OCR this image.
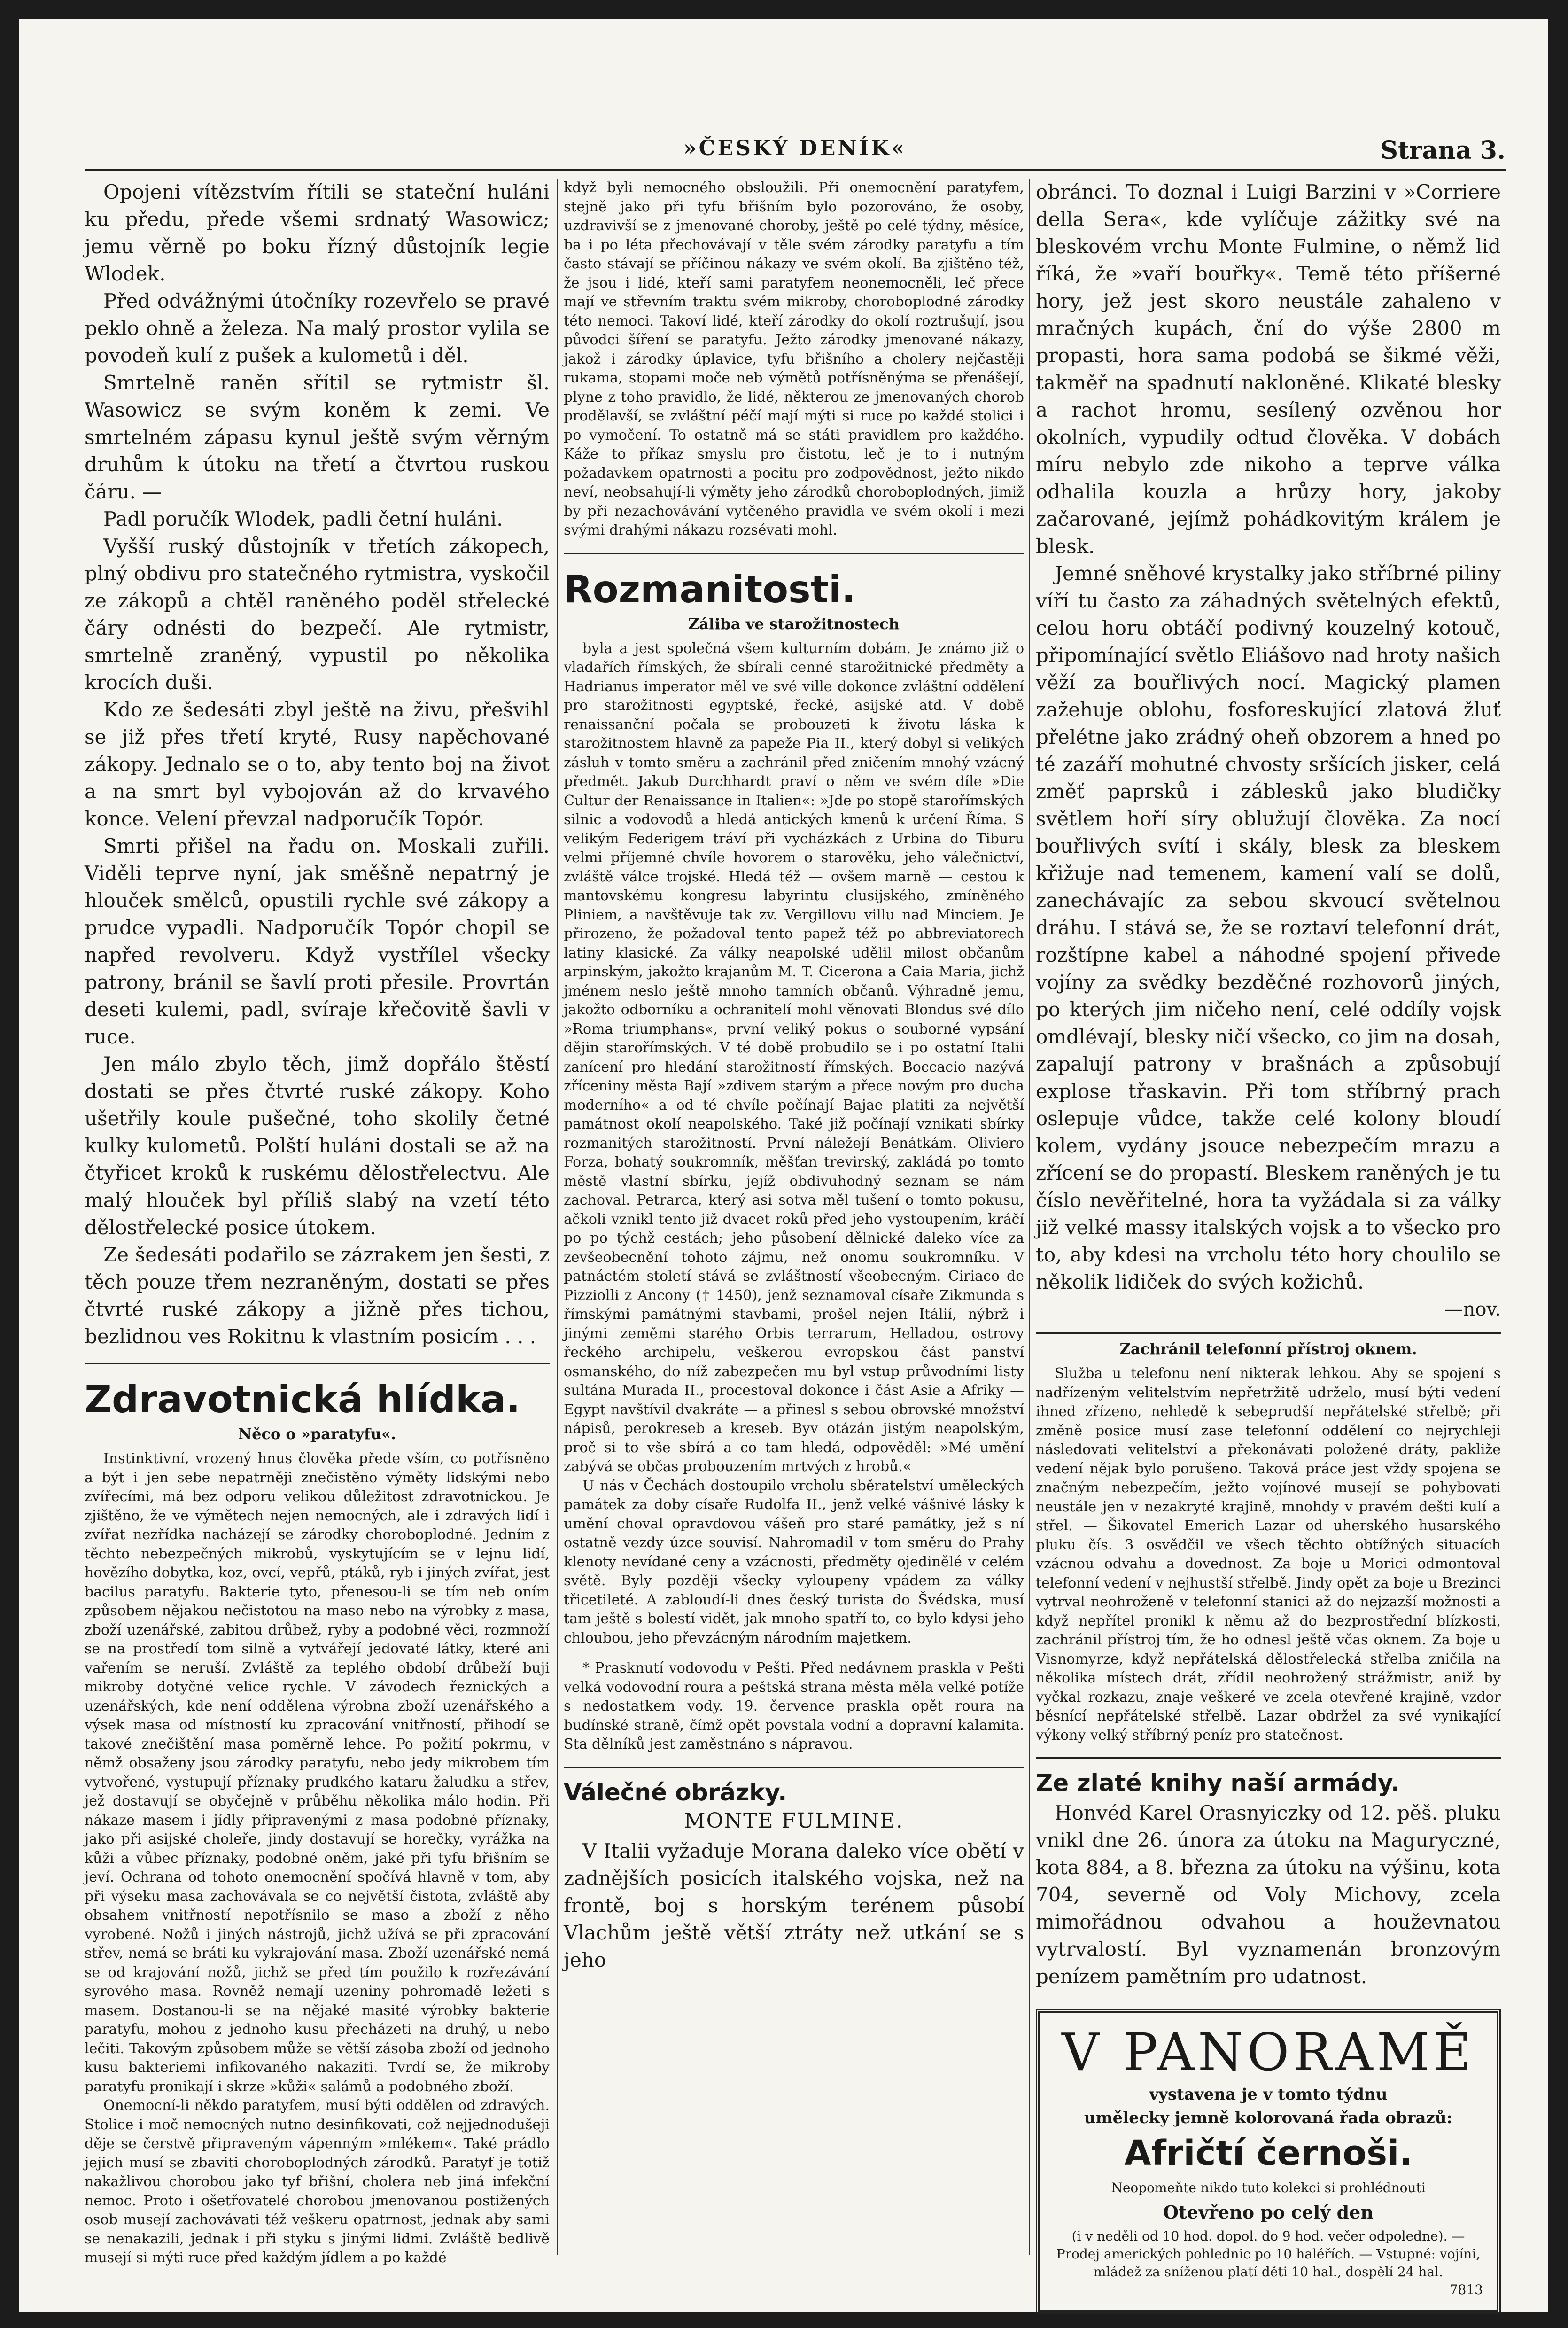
»ČESKÝ DENÍK«	Strana 3.

Opojeni vítězstvím řítili se stateční huláni ku předu, přede všemi srdnatý Wasowicz; jemu věrně po boku řízný důstojník legie Wlodek.

Před odvážnými útočníky rozevřelo se pravé peklo ohně a železa. Na malý prostor vylila se povodeň kulí z pušek a kulometů i děl.

Smrtelně raněn sřítil se rytmistr šl. Wasowicz se svým koněm k zemi. Ve smrtelném zápasu kynul ještě svým věrným druhům k útoku na třetí a čtvrtou ruskou čáru. —

Padl poručík Wlodek, padli četní huláni.

Vyšší ruský důstojník v třetích zákopech, plný obdivu pro statečného rytmistra, vyskočil ze zákopů a chtěl raněného poděl střelecké čáry odnésti do bezpečí. Ale rytmistr, smrtelně zraněný, vypustil po několika krocích duši.

Kdo ze šedesáti zbyl ještě na živu, přešvihl se již přes třetí kryté, Rusy napěchované zákopy. Jednalo se o to, aby tento boj na život a na smrt byl vybojován až do krvavého konce. Velení převzal nadporučík Topór.

Smrti přišel na řadu on. Moskali zuřili. Viděli teprve nyní, jak směšně nepatrný je hlouček smělců, opustili rychle své zákopy a prudce vypadli. Nadporučík Topór chopil se napřed revolveru. Když vystřílel všecky patrony, bránil se šavlí proti přesile. Provrtán deseti kulemi, padl, svíraje křečovitě šavli v ruce.

Jen málo zbylo těch, jimž dopřálo štěstí dostati se přes čtvrté ruské zákopy. Koho ušetřily koule pušečné, toho skolily četné kulky kulometů. Polští huláni dostali se až na čtyřicet kroků k ruskému dělostřelectvu. Ale malý hlouček byl příliš slabý na vzetí této dělostřelecké posice útokem.

Ze šedesáti podařilo se zázrakem jen šesti, z těch pouze třem nezraněným, dostati se přes čtvrté ruské zákopy a jižně přes tichou, bezlidnou ves Rokitnu k vlastním posicím . . .

Zdravotnická hlídka.
Něco o »paratyfu«.

Instinktivní, vrozený hnus člověka přede vším, co potřísněno a být i jen sebe nepatrněji znečistěno výměty lidskými nebo zvířecími, má bez odporu velikou důležitost zdravotnickou. Je zjištěno, že ve výmětech nejen nemocných, ale i zdravých lidí i zvířat nezřídka nacházejí se zárodky choroboplodné. Jedním z těchto nebezpečných mikrobů, vyskytujícím se v lejnu lidí, hovězího dobytka, koz, ovcí, vepřů, ptáků, ryb i jiných zvířat, jest bacilus paratyfu. Bakterie tyto, přenesou-li se tím neb oním způsobem nějakou nečistotou na maso nebo na výrobky z masa, zboží uzenářské, zabitou drůbež, ryby a podobné věci, rozmnoží se na prostředí tom silně a vytvářejí jedovaté látky, které ani vařením se neruší. Zvláště za teplého období drůbeží buji mikroby dotyčné velice rychle. V závodech řeznických a uzenářských, kde není oddělena výrobna zboží uzenářského a výsek masa od místností ku zpracování vnitřností, přihodí se takové znečištění masa poměrně lehce. Po požití pokrmu, v němž obsaženy jsou zárodky paratyfu, nebo jedy mikrobem tím vytvořené, vystupují příznaky prudkého kataru žaludku a střev, jež dostavují se obyčejně v průběhu několika málo hodin. Při nákaze masem i jídly připravenými z masa podobné příznaky, jako při asijské choleře, jindy dostavují se horečky, vyrážka na kůži a vůbec příznaky, podobné oněm, jaké při tyfu břišním se jeví. Ochrana od tohoto onemocnění spočívá hlavně v tom, aby při výseku masa zachovávala se co největší čistota, zvláště aby obsahem vnitřností nepotřísnilo se maso a zboží z něho vyrobené. Nožů i jiných nástrojů, jichž užívá se při zpracování střev, nemá se bráti ku vykrajování masa. Zboží uzenářské nemá se od krajování nožů, jichž se před tím použilo k rozřezávání syrového masa. Rovněž nemají uzeniny pohromadě ležeti s masem. Dostanou-li se na nějaké masité výrobky bakterie paratyfu, mohou z jednoho kusu přecházeti na druhý, u nebo lečiti. Takovým způsobem může se větší zásoba zboží od jednoho kusu bakteriemi infikovaného nakaziti. Tvrdí se, že mikroby paratyfu pronikají i skrze »kůži« salámů a podobného zboží.

Onemocní-li někdo paratyfem, musí býti oddělen od zdravých. Stolice i moč nemocných nutno desinfikovati, což nejjednodušeji děje se čerstvě připraveným vápenným »mlékem«. Také prádlo jejich musí se zbaviti choroboplodných zárodků. Paratyf je totiž nakažlivou chorobou jako tyf břišní, cholera neb jiná infekční nemoc. Proto i ošetřovatelé chorobou jmenovanou postižených osob musejí zachovávati též veškeru opatrnost, jednak aby sami se nenakazili, jednak i při styku s jinými lidmi. Zvláště bedlivě musejí si mýti ruce před každým jídlem a po každé

když byli nemocného obsloužili. Při onemocnění paratyfem, stejně jako při tyfu břišním bylo pozorováno, že osoby, uzdravivší se z jmenované choroby, ještě po celé týdny, měsíce, ba i po léta přechovávají v těle svém zárodky paratyfu a tím často stávají se příčinou nákazy ve svém okolí. Ba zjištěno též, že jsou i lidé, kteří sami paratyfem neonemocněli, leč přece mají ve střevním traktu svém mikroby, choroboplodné zárodky této nemoci. Takoví lidé, kteří zárodky do okolí roztrušují, jsou původci šíření se paratyfu. Ježto zárodky jmenované nákazy, jakož i zárodky úplavice, tyfu břišního a cholery nejčastěji rukama, stopami moče neb výmětů potřísněnýma se přenášejí, plyne z toho pravidlo, že lidé, některou ze jmenovaných chorob prodělavší, se zvláštní péčí mají mýti si ruce po každé stolici i po vymočení. To ostatně má se státi pravidlem pro každého. Káže to příkaz smyslu pro čistotu, leč je to i nutným požadavkem opatrnosti a pocitu pro zodpovědnost, ježto nikdo neví, neobsahují-li výměty jeho zárodků choroboplodných, jimiž by při nezachovávání vytčeného pravidla ve svém okolí i mezi svými drahými nákazu rozsévati mohl.

Rozmanitosti.
Záliba ve starožitnostech

byla a jest společná všem kulturním dobám. Je známo již o vladařích římských, že sbírali cenné starožitnické předměty a Hadrianus imperator měl ve své ville dokonce zvláštní oddělení pro starožitnosti egyptské, řecké, asijské atd. V době renaissanční počala se probouzeti k životu láska k starožitnostem hlavně za papeže Pia II., který dobyl si velikých zásluh v tomto směru a zachránil před zničením mnohý vzácný předmět. Jakub Durchhardt praví o něm ve svém díle »Die Cultur der Renaissance in Italien«: »Jde po stopě starořímských silnic a vodovodů a hledá antických kmenů k určení Říma. S velikým Federigem tráví při vycházkách z Urbina do Tiburu velmi příjemné chvíle hovorem o starověku, jeho válečnictví, zvláště válce trojské. Hledá též — ovšem marně — cestou k mantovskému kongresu labyrintu clusijského, zmíněného Pliniem, a navštěvuje tak zv. Vergillovu villu nad Minciem. Je přirozeno, že požadoval tento papež též po abbreviatorech latiny klasické. Za války neapolské udělil milost občanům arpinským, jakožto krajanům M. T. Cicerona a Caia Maria, jichž jménem neslo ještě mnoho tamních občanů. Výhradně jemu, jakožto odborníku a ochranitelí mohl věnovati Blondus své dílo »Roma triumphans«, první veliký pokus o souborné vypsání dějin starořímských. V té době probudilo se i po ostatní Italii zanícení pro hledání starožitností římských. Boccacio nazývá zříceniny města Bají »zdivem starým a přece novým pro ducha moderního« a od té chvíle počínají Bajae platiti za největší památnost okolí neapolského. Také již počínají vznikati sbírky rozmanitých starožitností. První náležejí Benátkám. Oliviero Forza, bohatý soukromník, měšťan trevirský, zakládá po tomto městě vlastní sbírku, jejíž obdivuhodný seznam se nám zachoval. Petrarca, který asi sotva měl tušení o tomto pokusu, ačkoli vznikl tento již dvacet roků před jeho vystoupením, kráčí po po týchž cestách; jeho působení dělnické daleko více za zevšeobecnění tohoto zájmu, než onomu soukromníku. V patnáctém století stává se zvláštností všeobecným. Ciriaco de Pizziolli z Ancony († 1450), jenž seznamoval císaře Zikmunda s římskými památnými stavbami, prošel nejen Itálií, nýbrž i jinými zeměmi starého Orbis terrarum, Helladou, ostrovy řeckého archipelu, veškerou evropskou část panství osmanského, do níž zabezpečen mu byl vstup průvodními listy sultána Murada II., procestoval dokonce i část Asie a Afriky — Egypt navštívil dvakráte — a přinesl s sebou obrovské množství nápisů, perokreseb a kreseb. Byv otázán jistým neapolským, proč si to vše sbírá a co tam hledá, odpověděl: »Mé umění zabývá se občas probouzením mrtvých z hrobů.«

U nás v Čechách dostoupilo vrcholu sběratelství uměleckých památek za doby císaře Rudolfa II., jenž velké vášnivé lásky k umění choval opravdovou vášeň pro staré památky, jež s ní ostatně vezdy úzce souvisí. Nahromadil v tom směru do Prahy klenoty nevídané ceny a vzácnosti, předměty ojedinělé v celém světě. Byly později všecky vyloupeny vpádem za války třicetileté. A zabloudí-li dnes český turista do Švédska, musí tam ještě s bolestí vidět, jak mnoho spatří to, co bylo kdysi jeho chloubou, jeho převzácným národním majetkem.

* Prasknutí vodovodu v Pešti. Před nedávnem praskla v Pešti velká vodovodní roura a peštská strana města měla velké potíže s nedostatkem vody. 19. července praskla opět roura na budínské straně, čímž opět povstala vodní a dopravní kalamita. Sta dělníků jest zaměstnáno s nápravou.

Válečné obrázky.
MONTE FULMINE.

V Italii vyžaduje Morana daleko více obětí v zadnějších posicích italského vojska, než na frontě, boj s horským terénem působí Vlachům ještě větší ztráty než utkání se s jeho

obránci. To doznal i Luigi Barzini v »Corriere della Sera«, kde vylíčuje zážitky své na bleskovém vrchu Monte Fulmine, o němž lid říká, že »vaří bouřky«. Temě této příšerné hory, jež jest skoro neustále zahaleno v mračných kupách, ční do výše 2800 m propasti, hora sama podobá se šikmé věži, takměř na spadnutí nakloněné. Klikaté blesky a rachot hromu, sesílený ozvěnou hor okolních, vypudily odtud člověka. V dobách míru nebylo zde nikoho a teprve válka odhalila kouzla a hrůzy hory, jakoby začarované, jejímž pohádkovitým králem je blesk.

Jemné sněhové krystalky jako stříbrné piliny víří tu často za záhadných světelných efektů, celou horu obtáčí podivný kouzelný kotouč, připomínající světlo Eliášovo nad hroty našich věží za bouřlivých nocí. Magický plamen zažehuje oblohu, fosforeskující zlatová žluť přelétne jako zrádný oheň obzorem a hned po té zazáří mohutné chvosty sršících jisker, celá změť paprsků i záblesků jako bludičky světlem hoří síry oblužují člověka. Za nocí bouřlivých svítí i skály, blesk za bleskem křižuje nad temenem, kamení valí se dolů, zanechávajíc za sebou skvoucí světelnou dráhu. I stává se, že se roztaví telefonní drát, rozštípne kabel a náhodné spojení přivede vojíny za svědky bezděčné rozhovorů jiných, po kterých jim ničeho není, celé oddíly vojsk omdlévají, blesky ničí všecko, co jim na dosah, zapalují patrony v brašnách a způsobují explose třaskavin. Při tom stříbrný prach oslepuje vůdce, takže celé kolony bloudí kolem, vydány jsouce nebezpečím mrazu a zřícení se do propastí. Bleskem raněných je tu číslo nevěřitelné, hora ta vyžádala si za války již velké massy italských vojsk a to všecko pro to, aby kdesi na vrcholu této hory choulilo se několik lidiček do svých kožichů.

—nov.
Zachránil telefonní přístroj oknem.

Služba u telefonu není nikterak lehkou. Aby se spojení s nadřízeným velitelstvím nepřetržitě udrželo, musí býti vedení ihned zřízeno, nehledě k sebeprudší nepřátelské střelbě; při změně posice musí zase telefonní oddělení co nejrychleji následovati velitelství a překonávati položené dráty, pakliže vedení nějak bylo porušeno. Taková práce jest vždy spojena se značným nebezpečím, ježto vojínové musejí se pohybovati neustále jen v nezakryté krajině, mnohdy v pravém dešti kulí a střel. — Šikovatel Emerich Lazar od uherského husarského pluku čís. 3 osvědčil ve všech těchto obtížných situacích vzácnou odvahu a dovednost. Za boje u Morici odmontoval telefonní vedení v nejhustší střelbě. Jindy opět za boje u Brezinci vytrval neohroženě v telefonní stanici až do nejzazší možnosti a když nepřítel pronikl k němu až do bezprostřední blízkosti, zachránil přístroj tím, že ho odnesl ještě včas oknem. Za boje u Visnomyrze, když nepřátelská dělostřelecká střelba zničila na několika místech drát, zřídil neohrožený strážmistr, aniž by vyčkal rozkazu, znaje veškeré ve zcela otevřené krajině, vzdor běsnící nepřátelské střelbě. Lazar obdržel za své vynikající výkony velký stříbrný peníz pro statečnost.

Ze zlaté knihy naší armády.

Honvéd Karel Orasnyiczky od 12. pěš. pluku vnikl dne 26. února za útoku na Maguryczné, kota 884, a 8. března za útoku na výšinu, kota 704, severně od Voly Michovy, zcela mimořádnou odvahou a houževnatou vytrvalostí. Byl vyznamenán bronzovým penízem pamětním pro udatnost.

V PANORAMĚ
vystavena je v tomto týdnu
umělecky jemně kolorovaná řada obrazů:
Afričtí černoši.
Neopomeňte nikdo tuto kolekci si prohlédnouti
Otevřeno po celý den
(i v neděli od 10 hod. dopol. do 9 hod. večer odpoledne). — Prodej amerických pohlednic po 10 haléřích. — Vstupné: vojíni, mládež za sníženou platí děti 10 hal., dospělí 24 hal.
7813
